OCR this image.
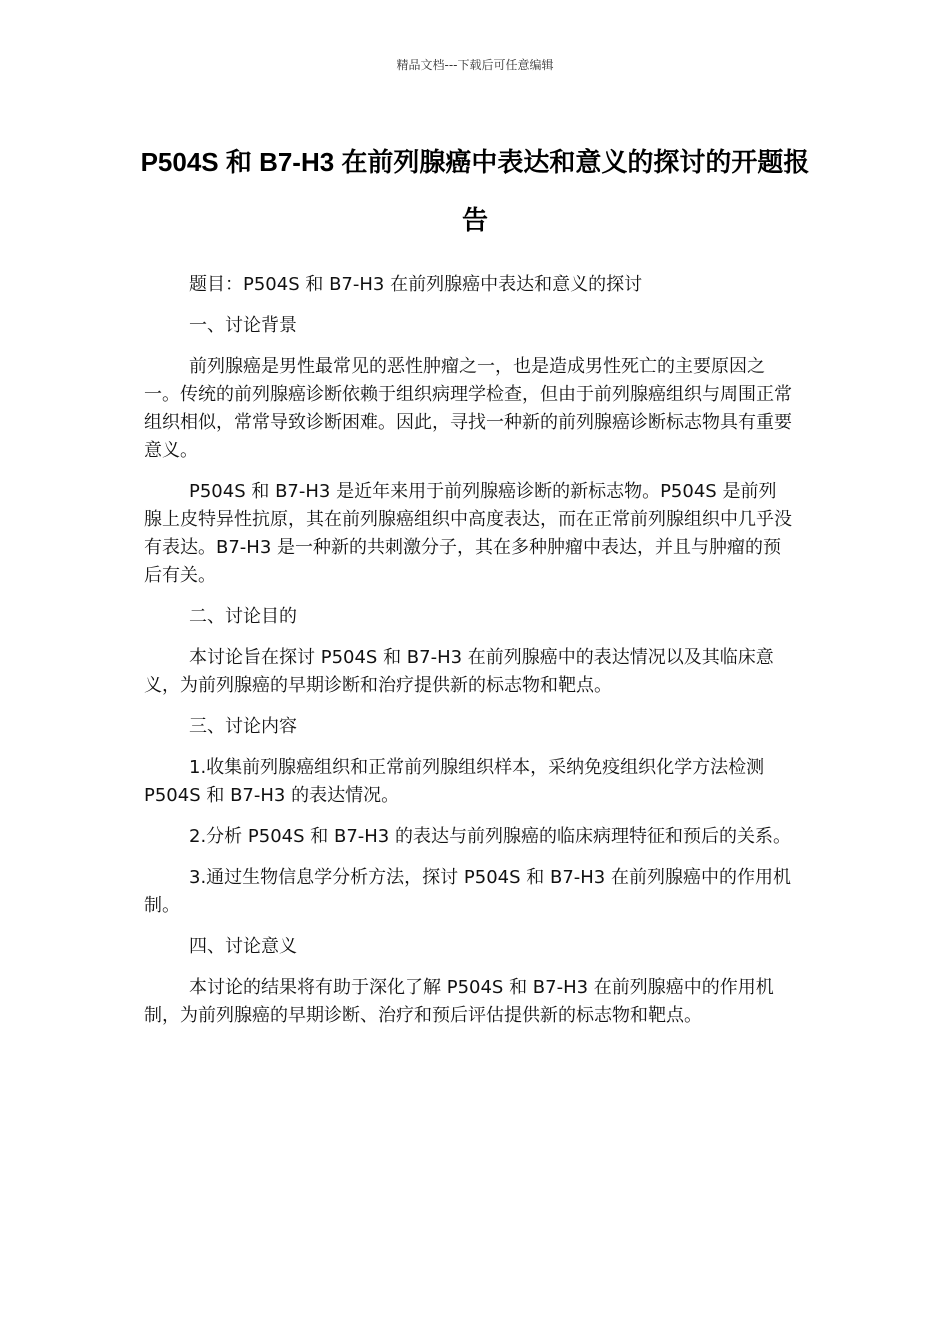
精品文档---下载后可任意编辑
P504S 和 B7-H3 在前列腺癌中表达和意义的探讨的开题报告

题目：P504S 和 B7-H3 在前列腺癌中表达和意义的探讨

一、讨论背景

前列腺癌是男性最常见的恶性肿瘤之一，也是造成男性死亡的主要原因之一。传统的前列腺癌诊断依赖于组织病理学检查，但由于前列腺癌组织与周围正常组织相似，常常导致诊断困难。因此，寻找一种新的前列腺癌诊断标志物具有重要意义。

P504S 和 B7-H3 是近年来用于前列腺癌诊断的新标志物。P504S 是前列腺上皮特异性抗原，其在前列腺癌组织中高度表达，而在正常前列腺组织中几乎没有表达。B7-H3 是一种新的共刺激分子，其在多种肿瘤中表达，并且与肿瘤的预后有关。

二、讨论目的

本讨论旨在探讨 P504S 和 B7-H3 在前列腺癌中的表达情况以及其临床意义，为前列腺癌的早期诊断和治疗提供新的标志物和靶点。

三、讨论内容

1.收集前列腺癌组织和正常前列腺组织样本，采纳免疫组织化学方法检测 P504S 和 B7-H3 的表达情况。

2.分析 P504S 和 B7-H3 的表达与前列腺癌的临床病理特征和预后的关系。

3.通过生物信息学分析方法，探讨 P504S 和 B7-H3 在前列腺癌中的作用机制。

四、讨论意义

本讨论的结果将有助于深化了解 P504S 和 B7-H3 在前列腺癌中的作用机制，为前列腺癌的早期诊断、治疗和预后评估提供新的标志物和靶点。
